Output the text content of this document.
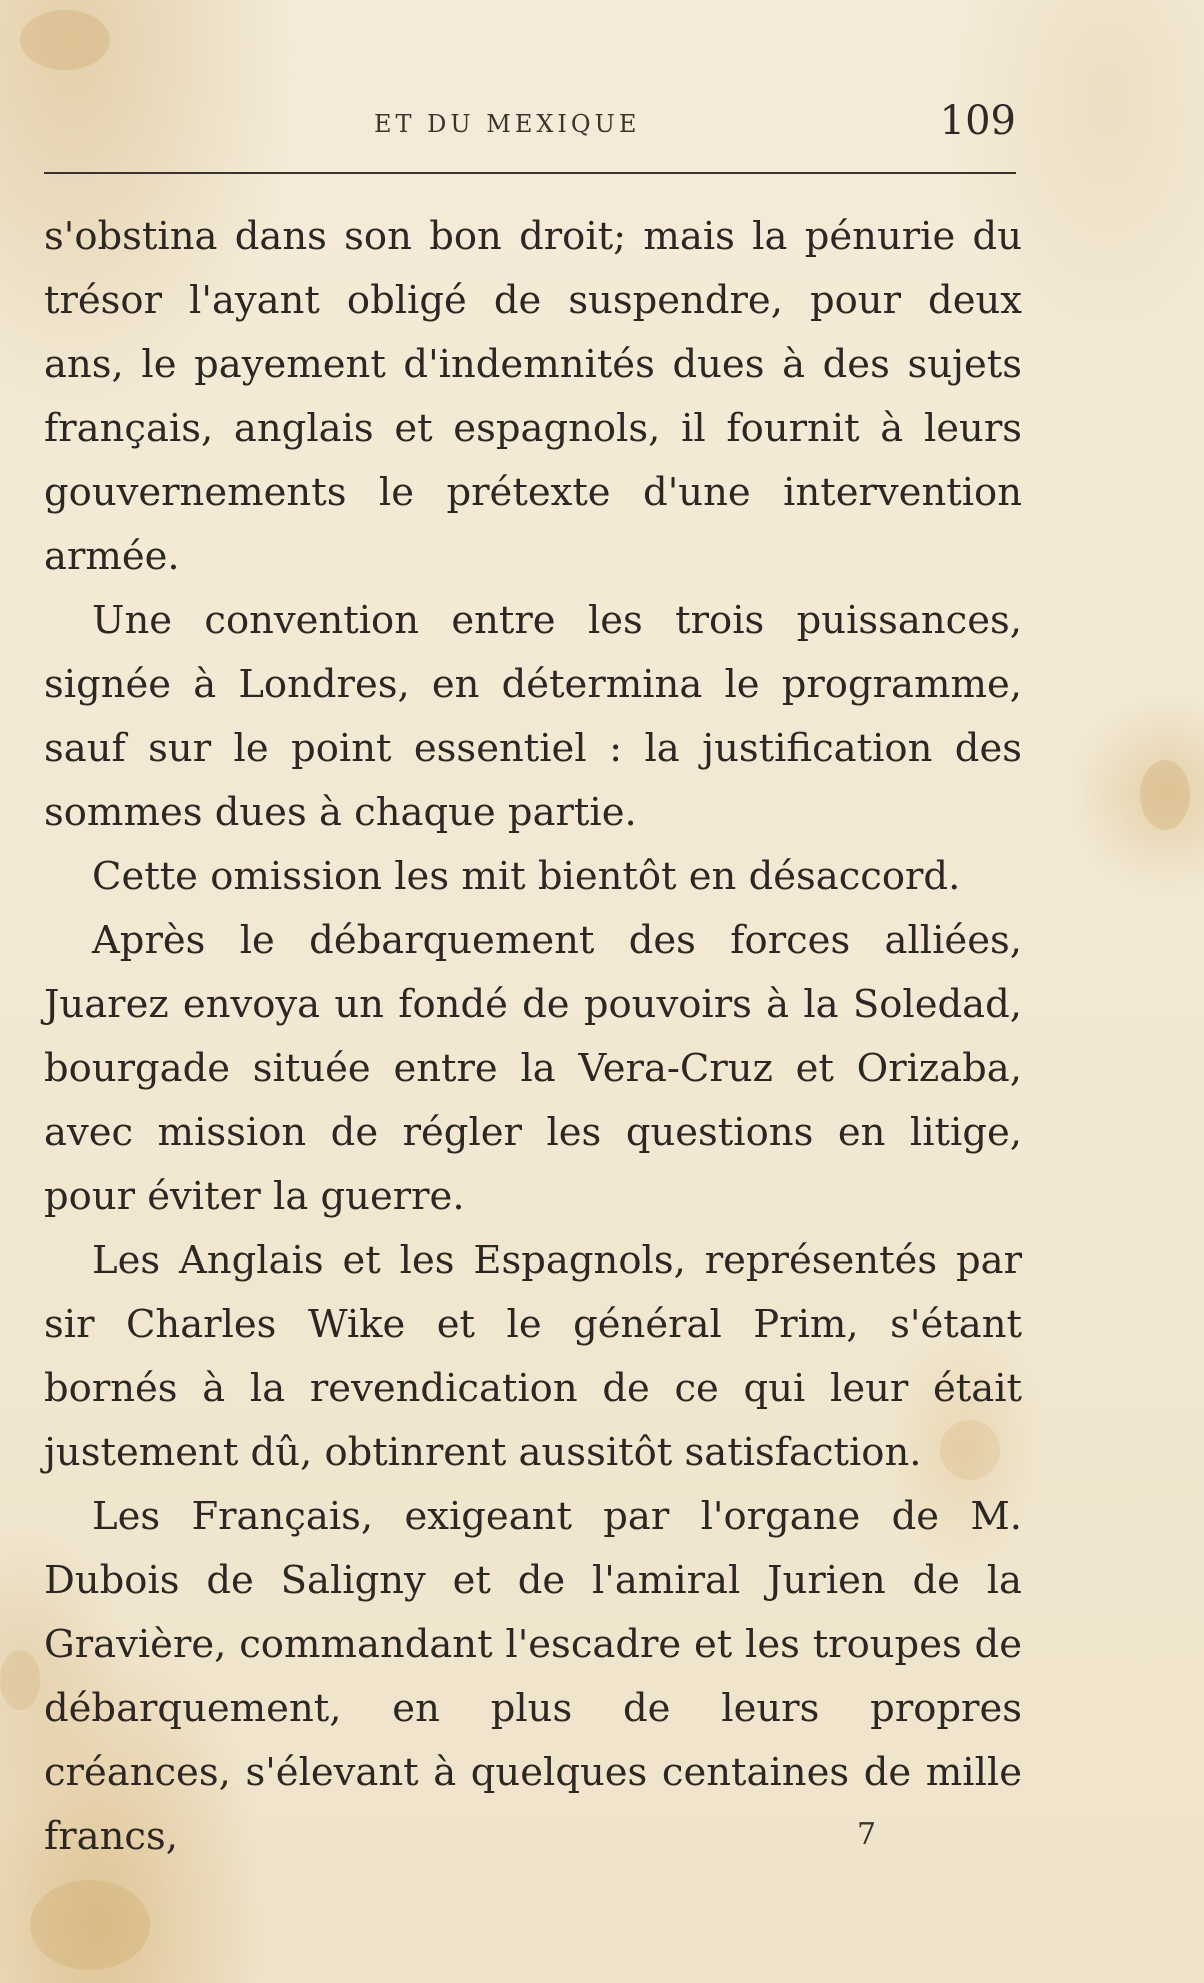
ET DU MEXIQUE	109

s'obstina dans son bon droit; mais la pénurie du trésor l'ayant obligé de suspendre, pour deux ans, le payement d'indemnités dues à des sujets français, anglais et espagnols, il fournit à leurs gouvernements le prétexte d'une intervention armée.

Une convention entre les trois puissances, signée à Londres, en détermina le programme, sauf sur le point essentiel : la justification des sommes dues à chaque partie.

Cette omission les mit bientôt en désaccord.

Après le débarquement des forces alliées, Juarez envoya un fondé de pouvoirs à la Soledad, bourgade située entre la Vera-Cruz et Orizaba, avec mission de régler les questions en litige, pour éviter la guerre.

Les Anglais et les Espagnols, représentés par sir Charles Wike et le général Prim, s'étant bornés à la revendication de ce qui leur était justement dû, obtinrent aussitôt satisfaction.

Les Français, exigeant par l'organe de M. Dubois de Saligny et de l'amiral Jurien de la Gravière, commandant l'escadre et les troupes de débarquement, en plus de leurs propres créances, s'élevant à quelques centaines de mille francs,	7
